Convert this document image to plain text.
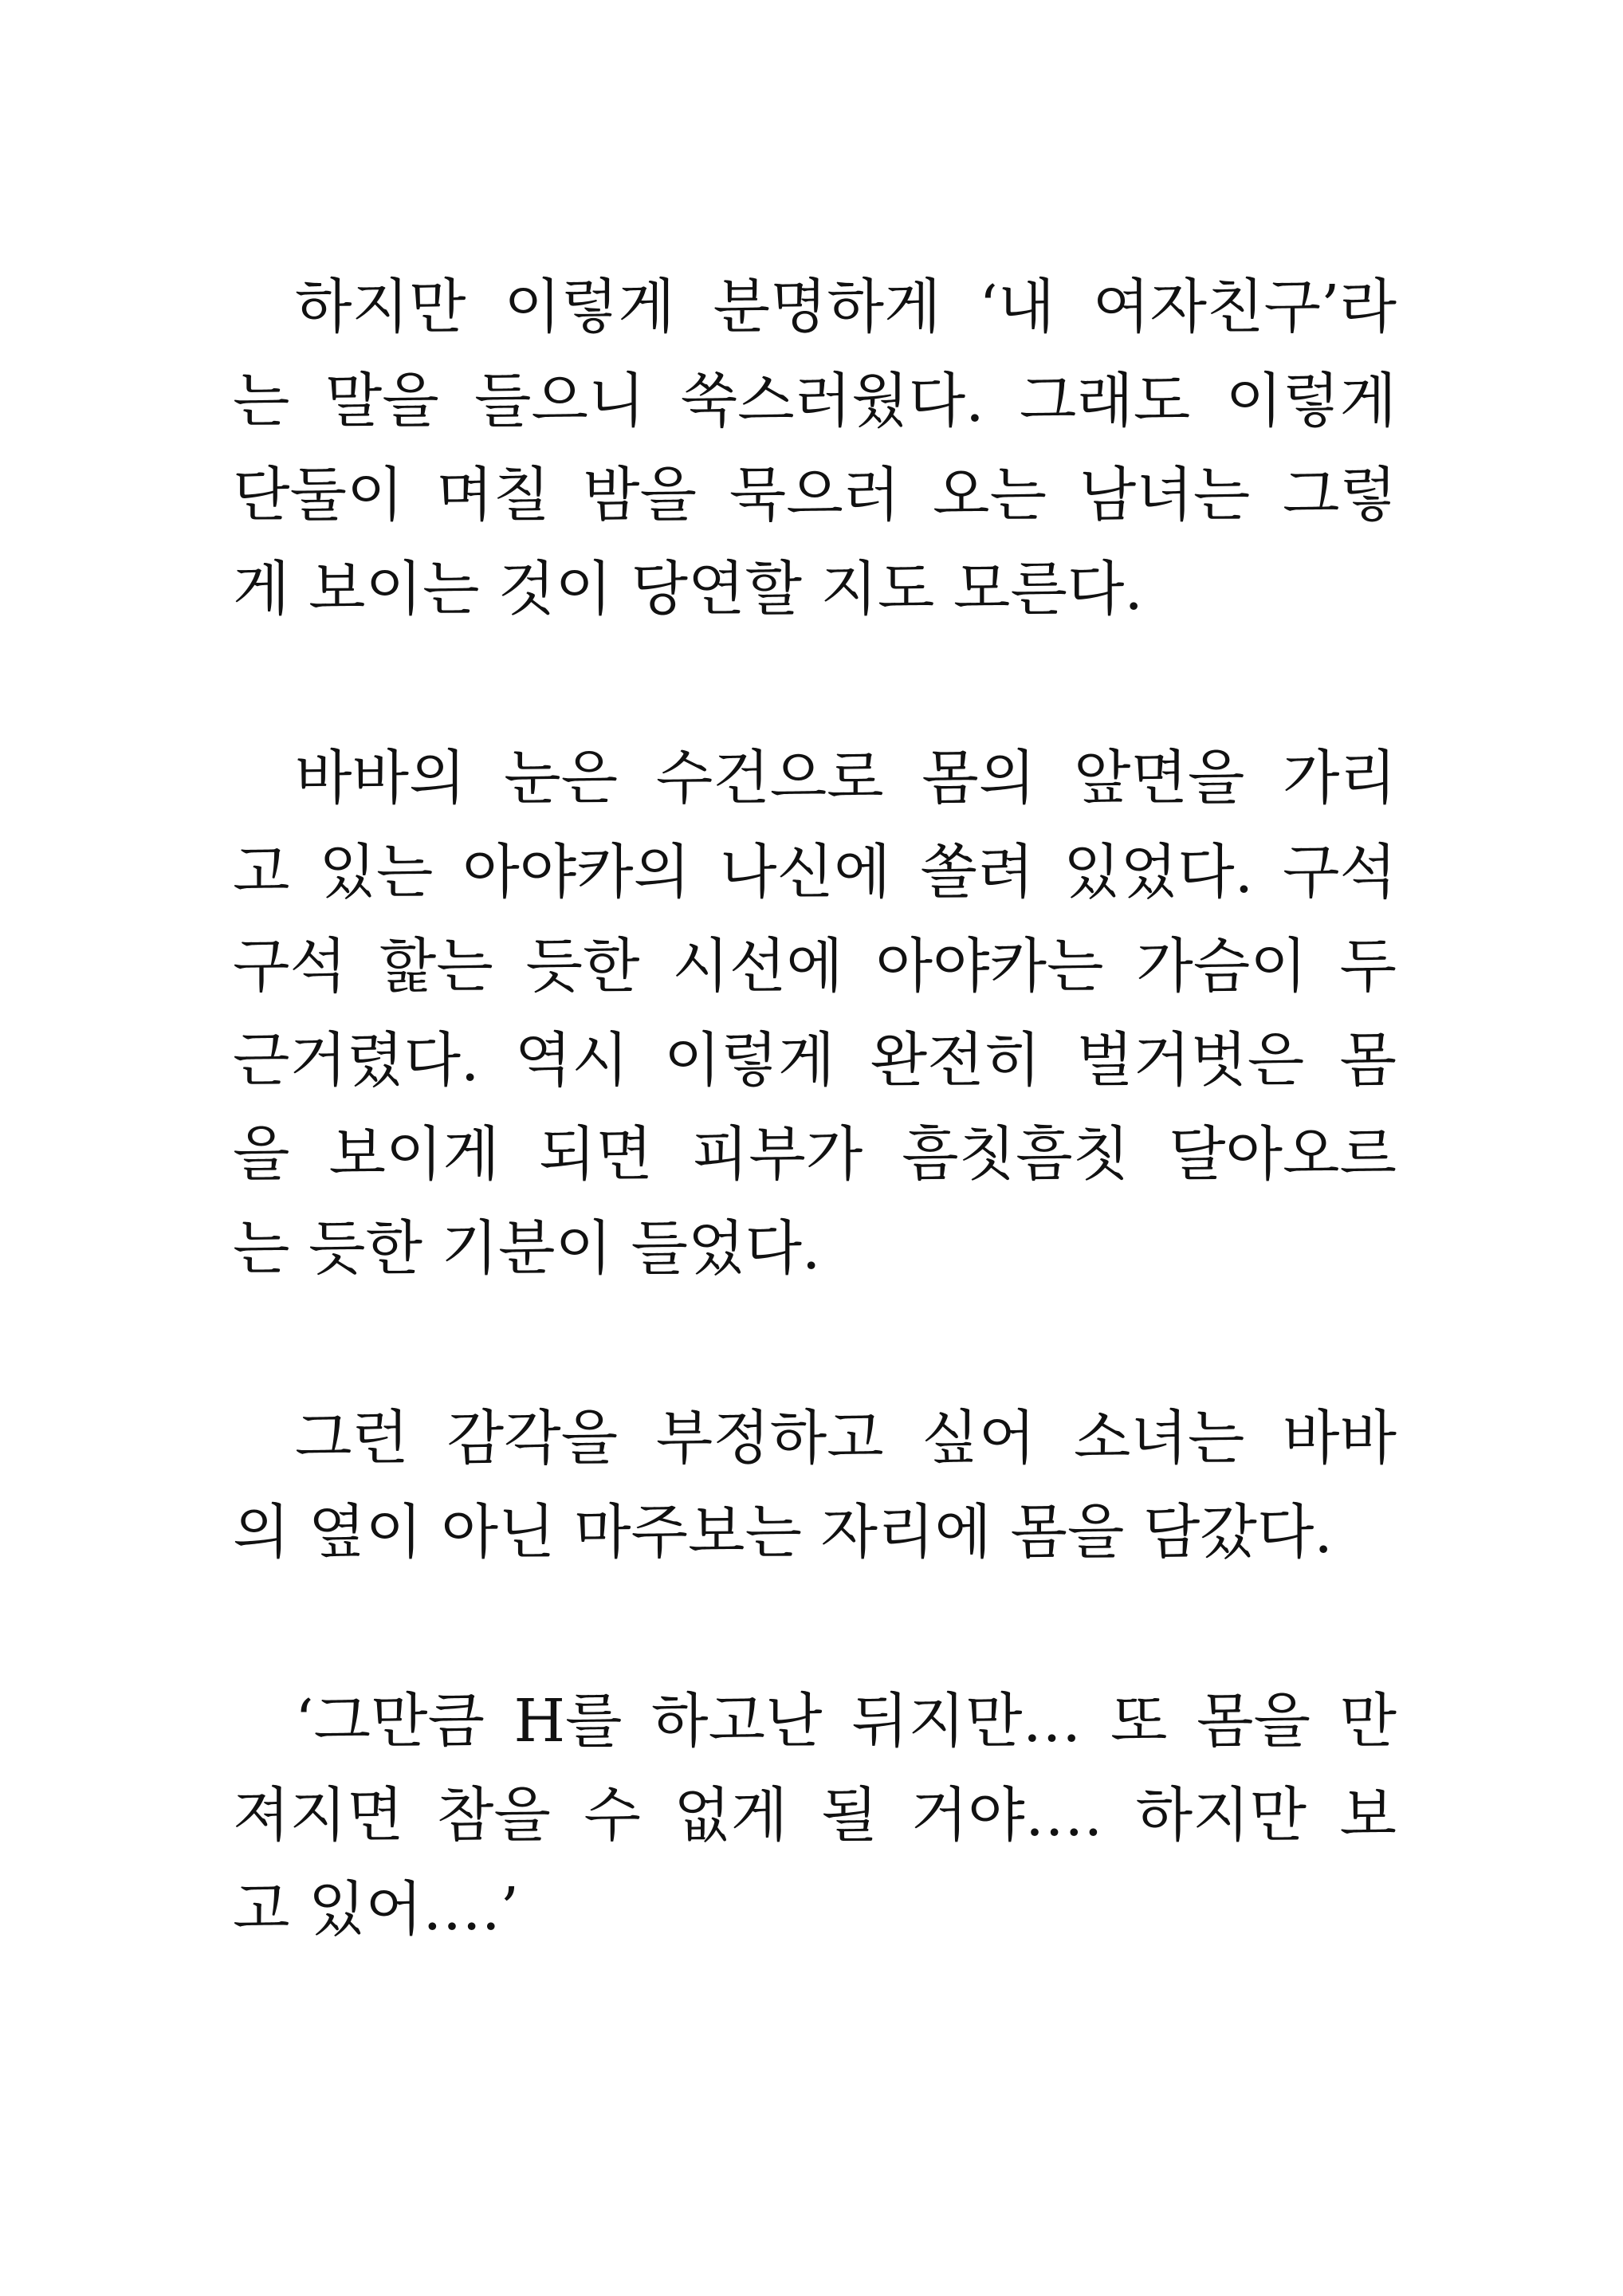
하지만 이렇게 분명하게 ‘내 여자친구’라
는 말을 들으니 쑥스러웠다. 그래도 이렇게
단둘이 며칠 밤을 묵으러 오는 남녀는 그렇
게 보이는 것이 당연할 지도 모른다.
바바의 눈은 수건으로 몸의 앞면을 가리
고 있는 아야카의 나신에 쏠려 있었다. 구석
구석 핥는 듯한 시선에 아야카는 가슴이 두
근거렸다. 역시 이렇게 완전히 벌거벗은 몸
을 보이게 되면 피부가 흠칫흠칫 달아오르
는 듯한 기분이 들었다.
그런 감각을 부정하고 싶어 소녀는 바바
의 옆이 아닌 마주보는 자리에 몸을 담갔다.
‘그만큼 H를 하고난 뒤지만… 또 몸을 만
져지면 참을 수 없게 될 거야…. 하지만 보
고 있어….’
